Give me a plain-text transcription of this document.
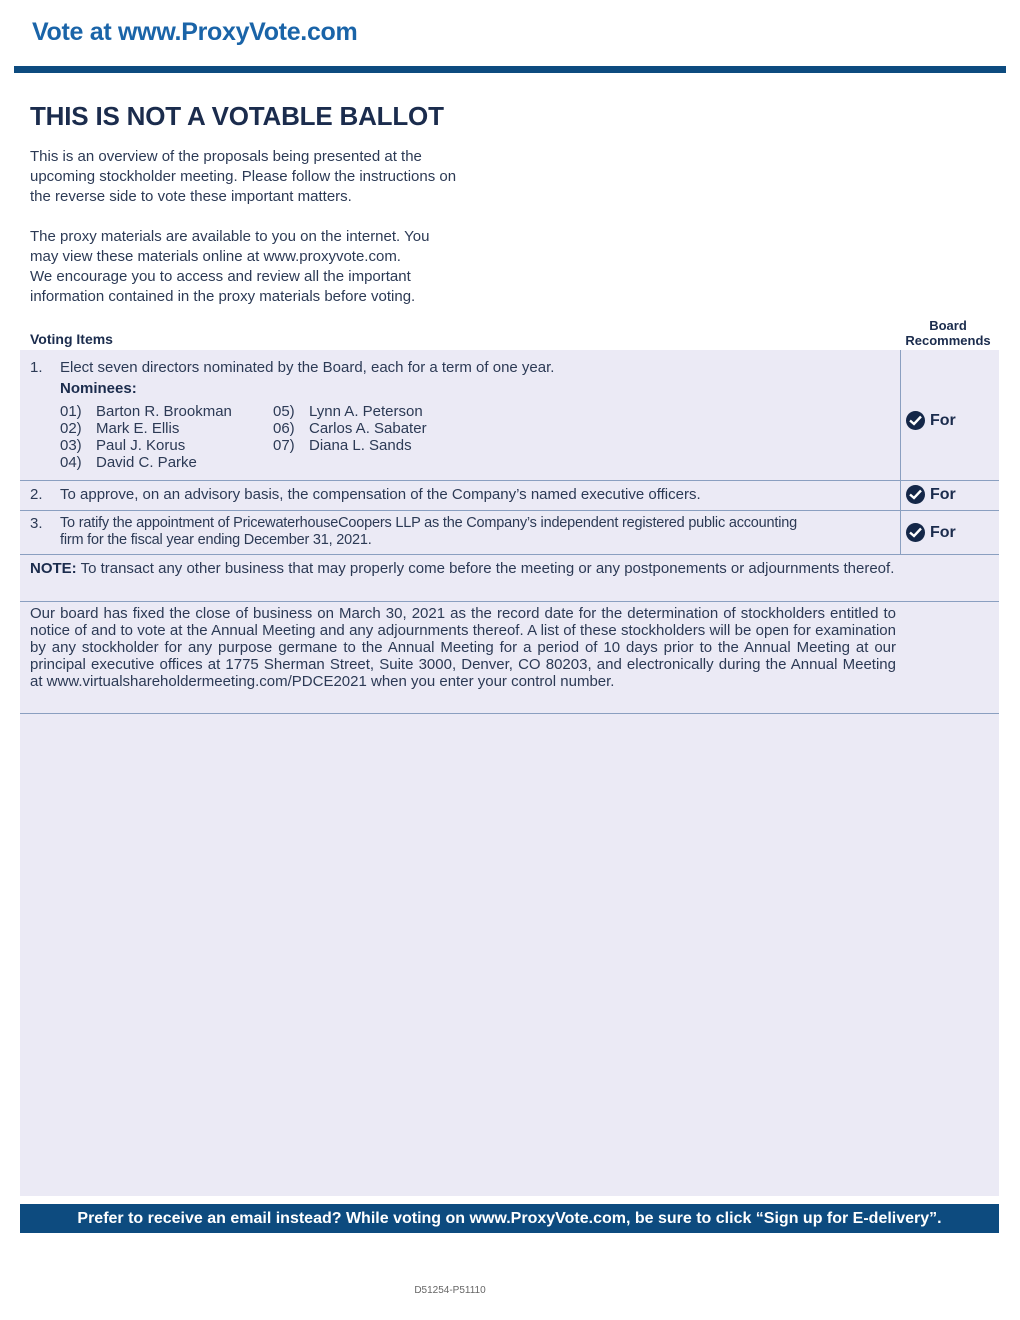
Vote at www.ProxyVote.com
THIS IS NOT A VOTABLE BALLOT
This is an overview of the proposals being presented at the
upcoming stockholder meeting. Please follow the instructions on
the reverse side to vote these important matters.
The proxy materials are available to you on the internet. You
may view these materials online at www.proxyvote.com.
We encourage you to access and review all the important
information contained in the proxy materials before voting.
Voting Items
Board
Recommends
1. Elect seven directors nominated by the Board, each for a term of one year.
Nominees:
01) Barton R. Brookman
02) Mark E. Ellis
03) Paul J. Korus
04) David C. Parke
05) Lynn A. Peterson
06) Carlos A. Sabater
07) Diana L. Sands
For
2. To approve, on an advisory basis, the compensation of the Company’s named executive officers.	For
3. To ratify the appointment of PricewaterhouseCoopers LLP as the Company’s independent registered public accounting
firm for the fiscal year ending December 31, 2021.	For
NOTE: To transact any other business that may properly come before the meeting or any postponements or adjournments thereof.
Our board has fixed the close of business on March 30, 2021 as the record date for the determination of stockholders entitled to notice of and to vote at the Annual Meeting and any adjournments thereof. A list of these stockholders will be open for examination by any stockholder for any purpose germane to the Annual Meeting for a period of 10 days prior to the Annual Meeting at our principal executive offices at 1775 Sherman Street, Suite 3000, Denver, CO 80203, and electronically during the Annual Meeting at www.virtualshareholdermeeting.com/PDCE2021 when you enter your control number.
Prefer to receive an email instead? While voting on www.ProxyVote.com, be sure to click “Sign up for E-delivery”.
D51254-P51110
